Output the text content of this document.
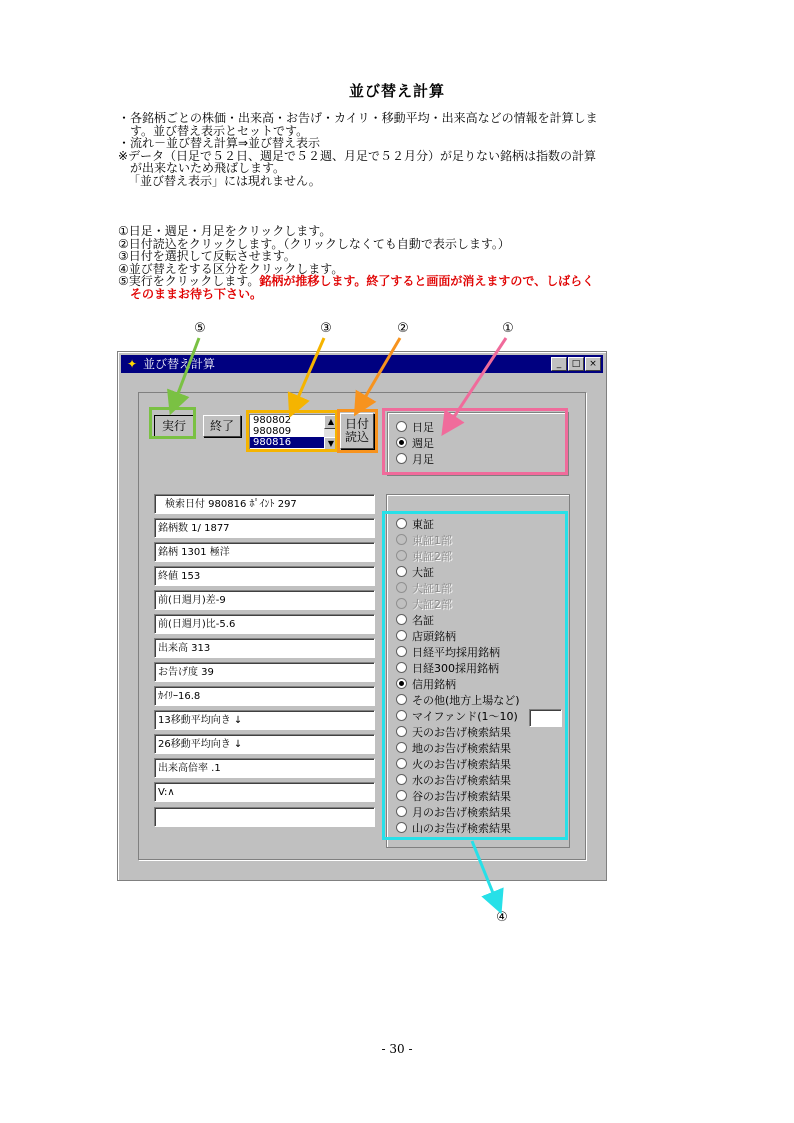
並び替え計算
・各銘柄ごとの株価・出来高・お告げ・カイリ・移動平均・出来高などの情報を計算しま
す。並び替え表示とセットです。
・流れ－並び替え計算⇒並び替え表示
※データ（日足で５２日、週足で５２週、月足で５２月分）が足りない銘柄は指数の計算
が出来ないため飛ばします。
「並び替え表示」には現れません。
①日足・週足・月足をクリックします。
②日付読込をクリックします。（クリックしなくても自動で表示します。）
③日付を選択して反転させます。
④並び替えをする区分をクリックします。
⑤実行をクリックします。銘柄が推移します。終了すると画面が消えますので、しばらく
そのままお待ち下さい。
⑤	③	②	①
④
✦ 並び替え計算	_ □ ×
実行	終了	980802
980809
980816
▲
▼
日付
読込
日足
週足
月足
検索日付 980816 ﾎﾟｲﾝﾄ 297
銘柄数 1/ 1877
銘柄 1301 極洋
終値 153
前(日週月)差-9
前(日週月)比-5.6
出来高 313
お告げ度 39
ｶｲﾘｰ16.8
13移動平均向き ↓
26移動平均向き ↓
出来高倍率 .1
V:∧
東証
東証1部
東証2部
大証
大証1部
大証2部
名証
店頭銘柄
日経平均採用銘柄
日経300採用銘柄
信用銘柄
その他(地方上場など)
マイファンド(1～10)
天のお告げ検索結果
地のお告げ検索結果
火のお告げ検索結果
水のお告げ検索結果
谷のお告げ検索結果
月のお告げ検索結果
山のお告げ検索結果
- 30 -
